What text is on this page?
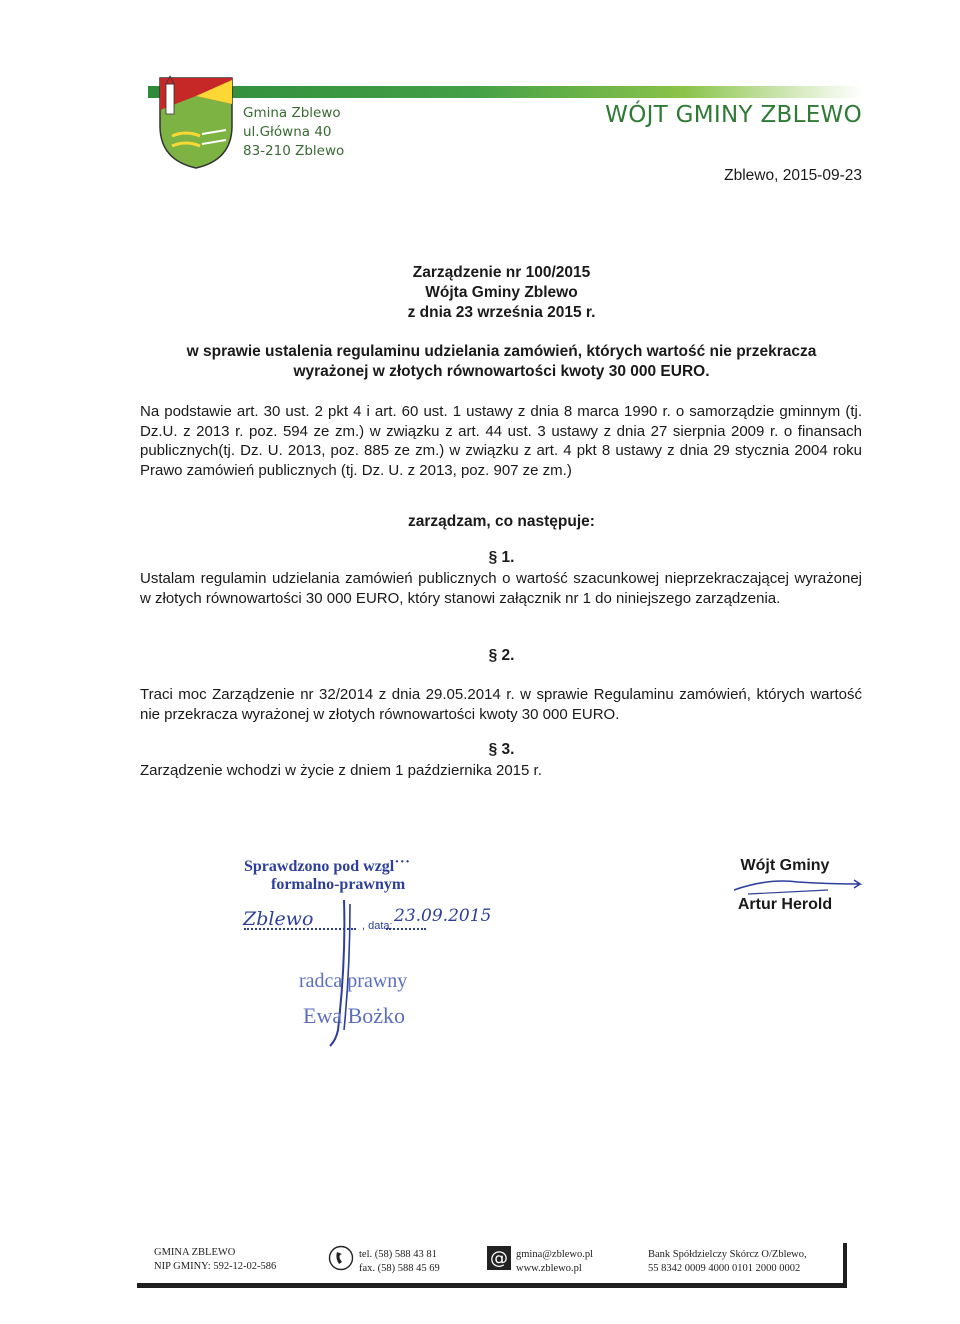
Gmina Zblewo
ul.Główna 40
83-210 Zblewo
WÓJT GMINY ZBLEWO
Zblewo, 2015-09-23
Zarządzenie nr 100/2015
Wójta Gminy Zblewo
z dnia 23 września 2015 r.
w sprawie ustalenia regulaminu udzielania zamówień, których wartość nie przekracza
wyrażonej w złotych równowartości kwoty 30 000 EURO.
Na podstawie art. 30 ust. 2 pkt 4 i art. 60 ust. 1 ustawy z dnia 8 marca 1990 r. o samorządzie gminnym (tj. Dz.U. z 2013 r. poz. 594 ze zm.) w związku z art. 44 ust. 3 ustawy z dnia 27 sierpnia 2009 r. o finansach publicznych(tj. Dz. U. 2013, poz. 885 ze zm.) w związku z art. 4 pkt 8 ustawy z dnia 29 stycznia 2004 roku Prawo zamówień publicznych (tj. Dz. U. z 2013, poz. 907 ze zm.)
zarządzam, co następuje:
§ 1.
Ustalam regulamin udzielania zamówień publicznych o wartość szacunkowej nieprzekraczającej wyrażonej w złotych równowartości 30 000 EURO, który stanowi załącznik nr 1 do niniejszego zarządzenia.
§ 2.
Traci moc Zarządzenie nr 32/2014 z dnia 29.05.2014 r. w sprawie Regulaminu zamówień, których wartość nie przekracza wyrażonej w złotych równowartości kwoty 30 000 EURO.
§ 3.
Zarządzenie wchodzi w życie z dniem 1 października 2015 r.
Sprawdzono pod wzgl˙˙˙
formalno-prawnym
Zblewo	, data: 23.09.2015
radca prawny
Ewa Bożko
Wójt Gminy
Artur Herold
GMINA ZBLEWO
NIP GMINY: 592-12-02-586
tel. (58) 588 43 81
fax. (58) 588 45 69	@ gmina@zblewo.pl
www.zblewo.pl
Bank Spółdzielczy Skórcz O/Zblewo,
55 8342 0009 4000 0101 2000 0002
